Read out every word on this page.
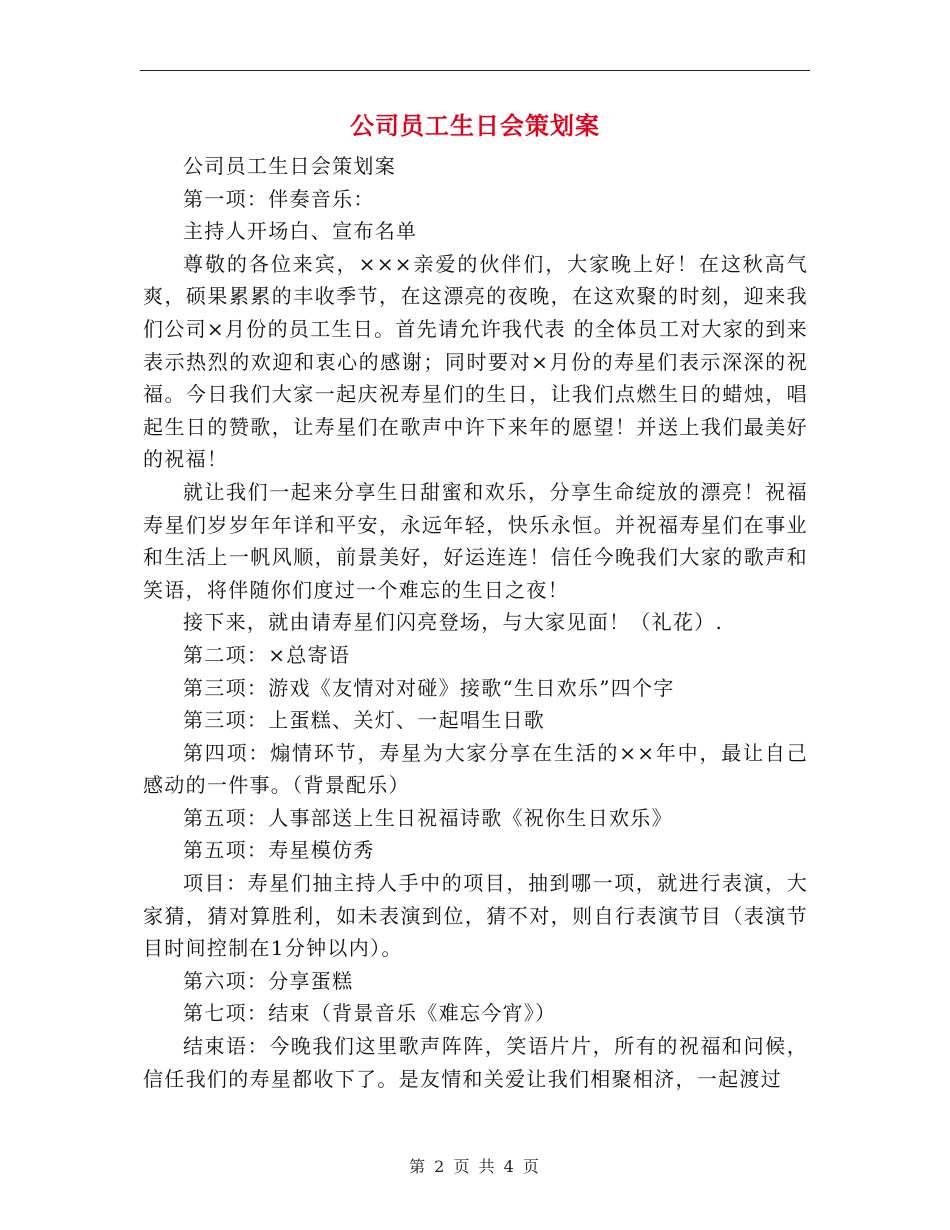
公司员工生日会策划案

公司员工生日会策划案

第一项：伴奏音乐：

主持人开场白、宣布名单

尊敬的各位来宾，×××亲爱的伙伴们，大家晚上好！在这秋高气爽，硕果累累的丰收季节，在这漂亮的夜晚，在这欢聚的时刻，迎来我们公司×月份的员工生日。首先请允许我代表 的全体员工对大家的到来表示热烈的欢迎和衷心的感谢；同时要对×月份的寿星们表示深深的祝福。今日我们大家一起庆祝寿星们的生日，让我们点燃生日的蜡烛，唱起生日的赞歌，让寿星们在歌声中许下来年的愿望！并送上我们最美好的祝福！

就让我们一起来分享生日甜蜜和欢乐，分享生命绽放的漂亮！祝福寿星们岁岁年年详和平安，永远年轻，快乐永恒。并祝福寿星们在事业和生活上一帆风顺，前景美好，好运连连！信任今晚我们大家的歌声和笑语，将伴随你们度过一个难忘的生日之夜！

接下来，就由请寿星们闪亮登场，与大家见面！（礼花）.

第二项：×总寄语

第三项：游戏《友情对对碰》接歌“生日欢乐”四个字

第三项：上蛋糕、关灯、一起唱生日歌

第四项：煽情环节，寿星为大家分享在生活的××年中，最让自己感动的一件事。（背景配乐）

第五项：人事部送上生日祝福诗歌《祝你生日欢乐》

第五项：寿星模仿秀

项目：寿星们抽主持人手中的项目，抽到哪一项，就进行表演，大家猜，猜对算胜利，如未表演到位，猜不对，则自行表演节目（表演节目时间控制在1分钟以内）。

第六项：分享蛋糕

第七项：结束（背景音乐《难忘今宵》）

结束语：今晚我们这里歌声阵阵，笑语片片，所有的祝福和问候，信任我们的寿星都收下了。是友情和关爱让我们相聚相济，一起渡过

第 2 页 共 4 页
